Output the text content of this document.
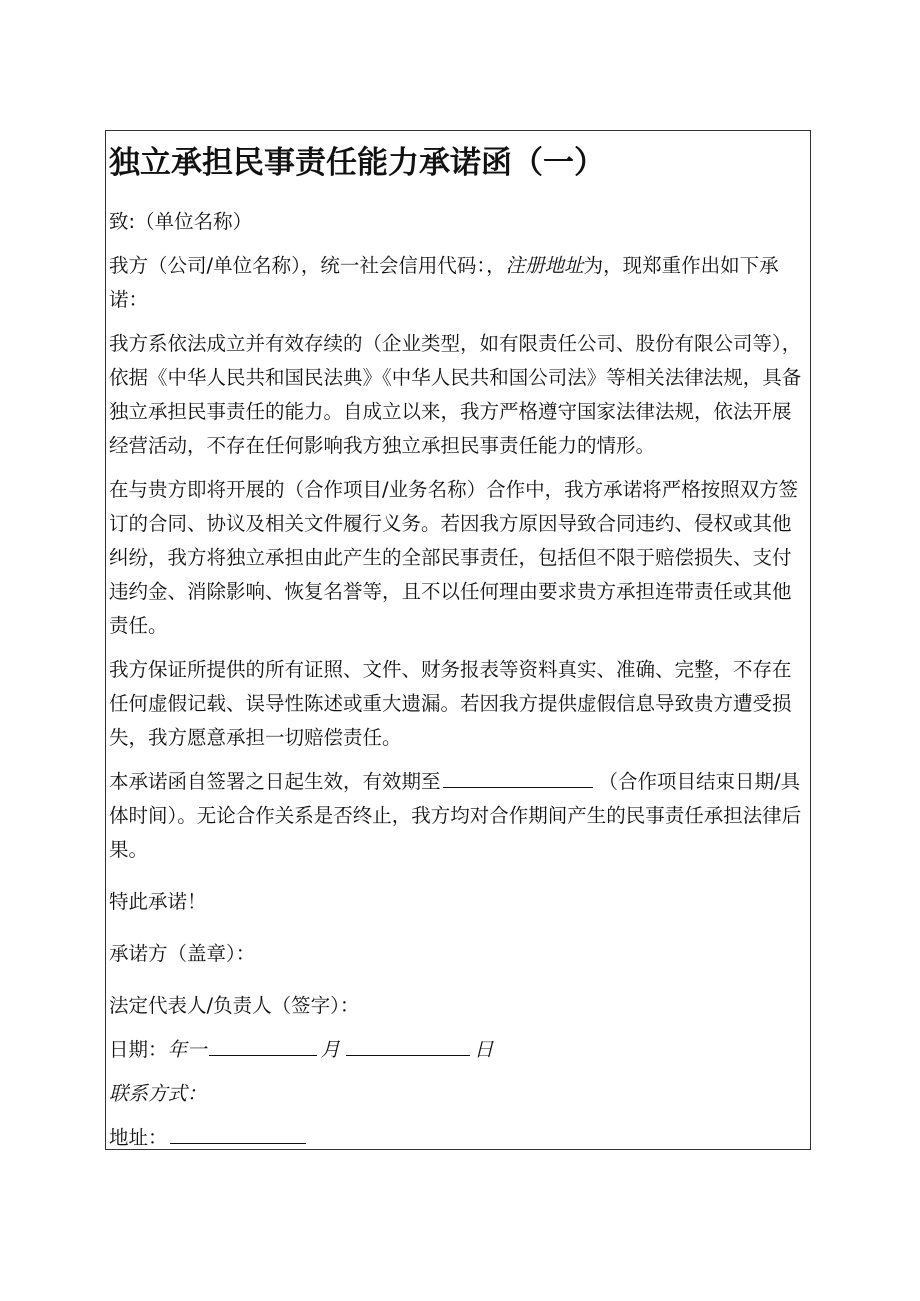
独立承担民事责任能力承诺函（一）

致:（单位名称）

我方（公司/单位名称），统一社会信用代码：，注册地址为，现郑重作出如下承诺：

我方系依法成立并有效存续的（企业类型，如有限责任公司、股份有限公司等），依据《中华人民共和国民法典》《中华人民共和国公司法》等相关法律法规，具备独立承担民事责任的能力。自成立以来，我方严格遵守国家法律法规，依法开展经营活动，不存在任何影响我方独立承担民事责任能力的情形。

在与贵方即将开展的（合作项目/业务名称）合作中，我方承诺将严格按照双方签订的合同、协议及相关文件履行义务。若因我方原因导致合同违约、侵权或其他纠纷，我方将独立承担由此产生的全部民事责任，包括但不限于赔偿损失、支付违约金、消除影响、恢复名誉等，且不以任何理由要求贵方承担连带责任或其他责任。

我方保证所提供的所有证照、文件、财务报表等资料真实、准确、完整，不存在任何虚假记载、误导性陈述或重大遗漏。若因我方提供虚假信息导致贵方遭受损失，我方愿意承担一切赔偿责任。

本承诺函自签署之日起生效，有效期至	（合作项目结束日期/具体时间）。无论合作关系是否终止，我方均对合作期间产生的民事责任承担法律后果。

特此承诺！

承诺方（盖章）：

法定代表人/负责人（签字）：

日期：年一	月	日

联系方式：

地址：
